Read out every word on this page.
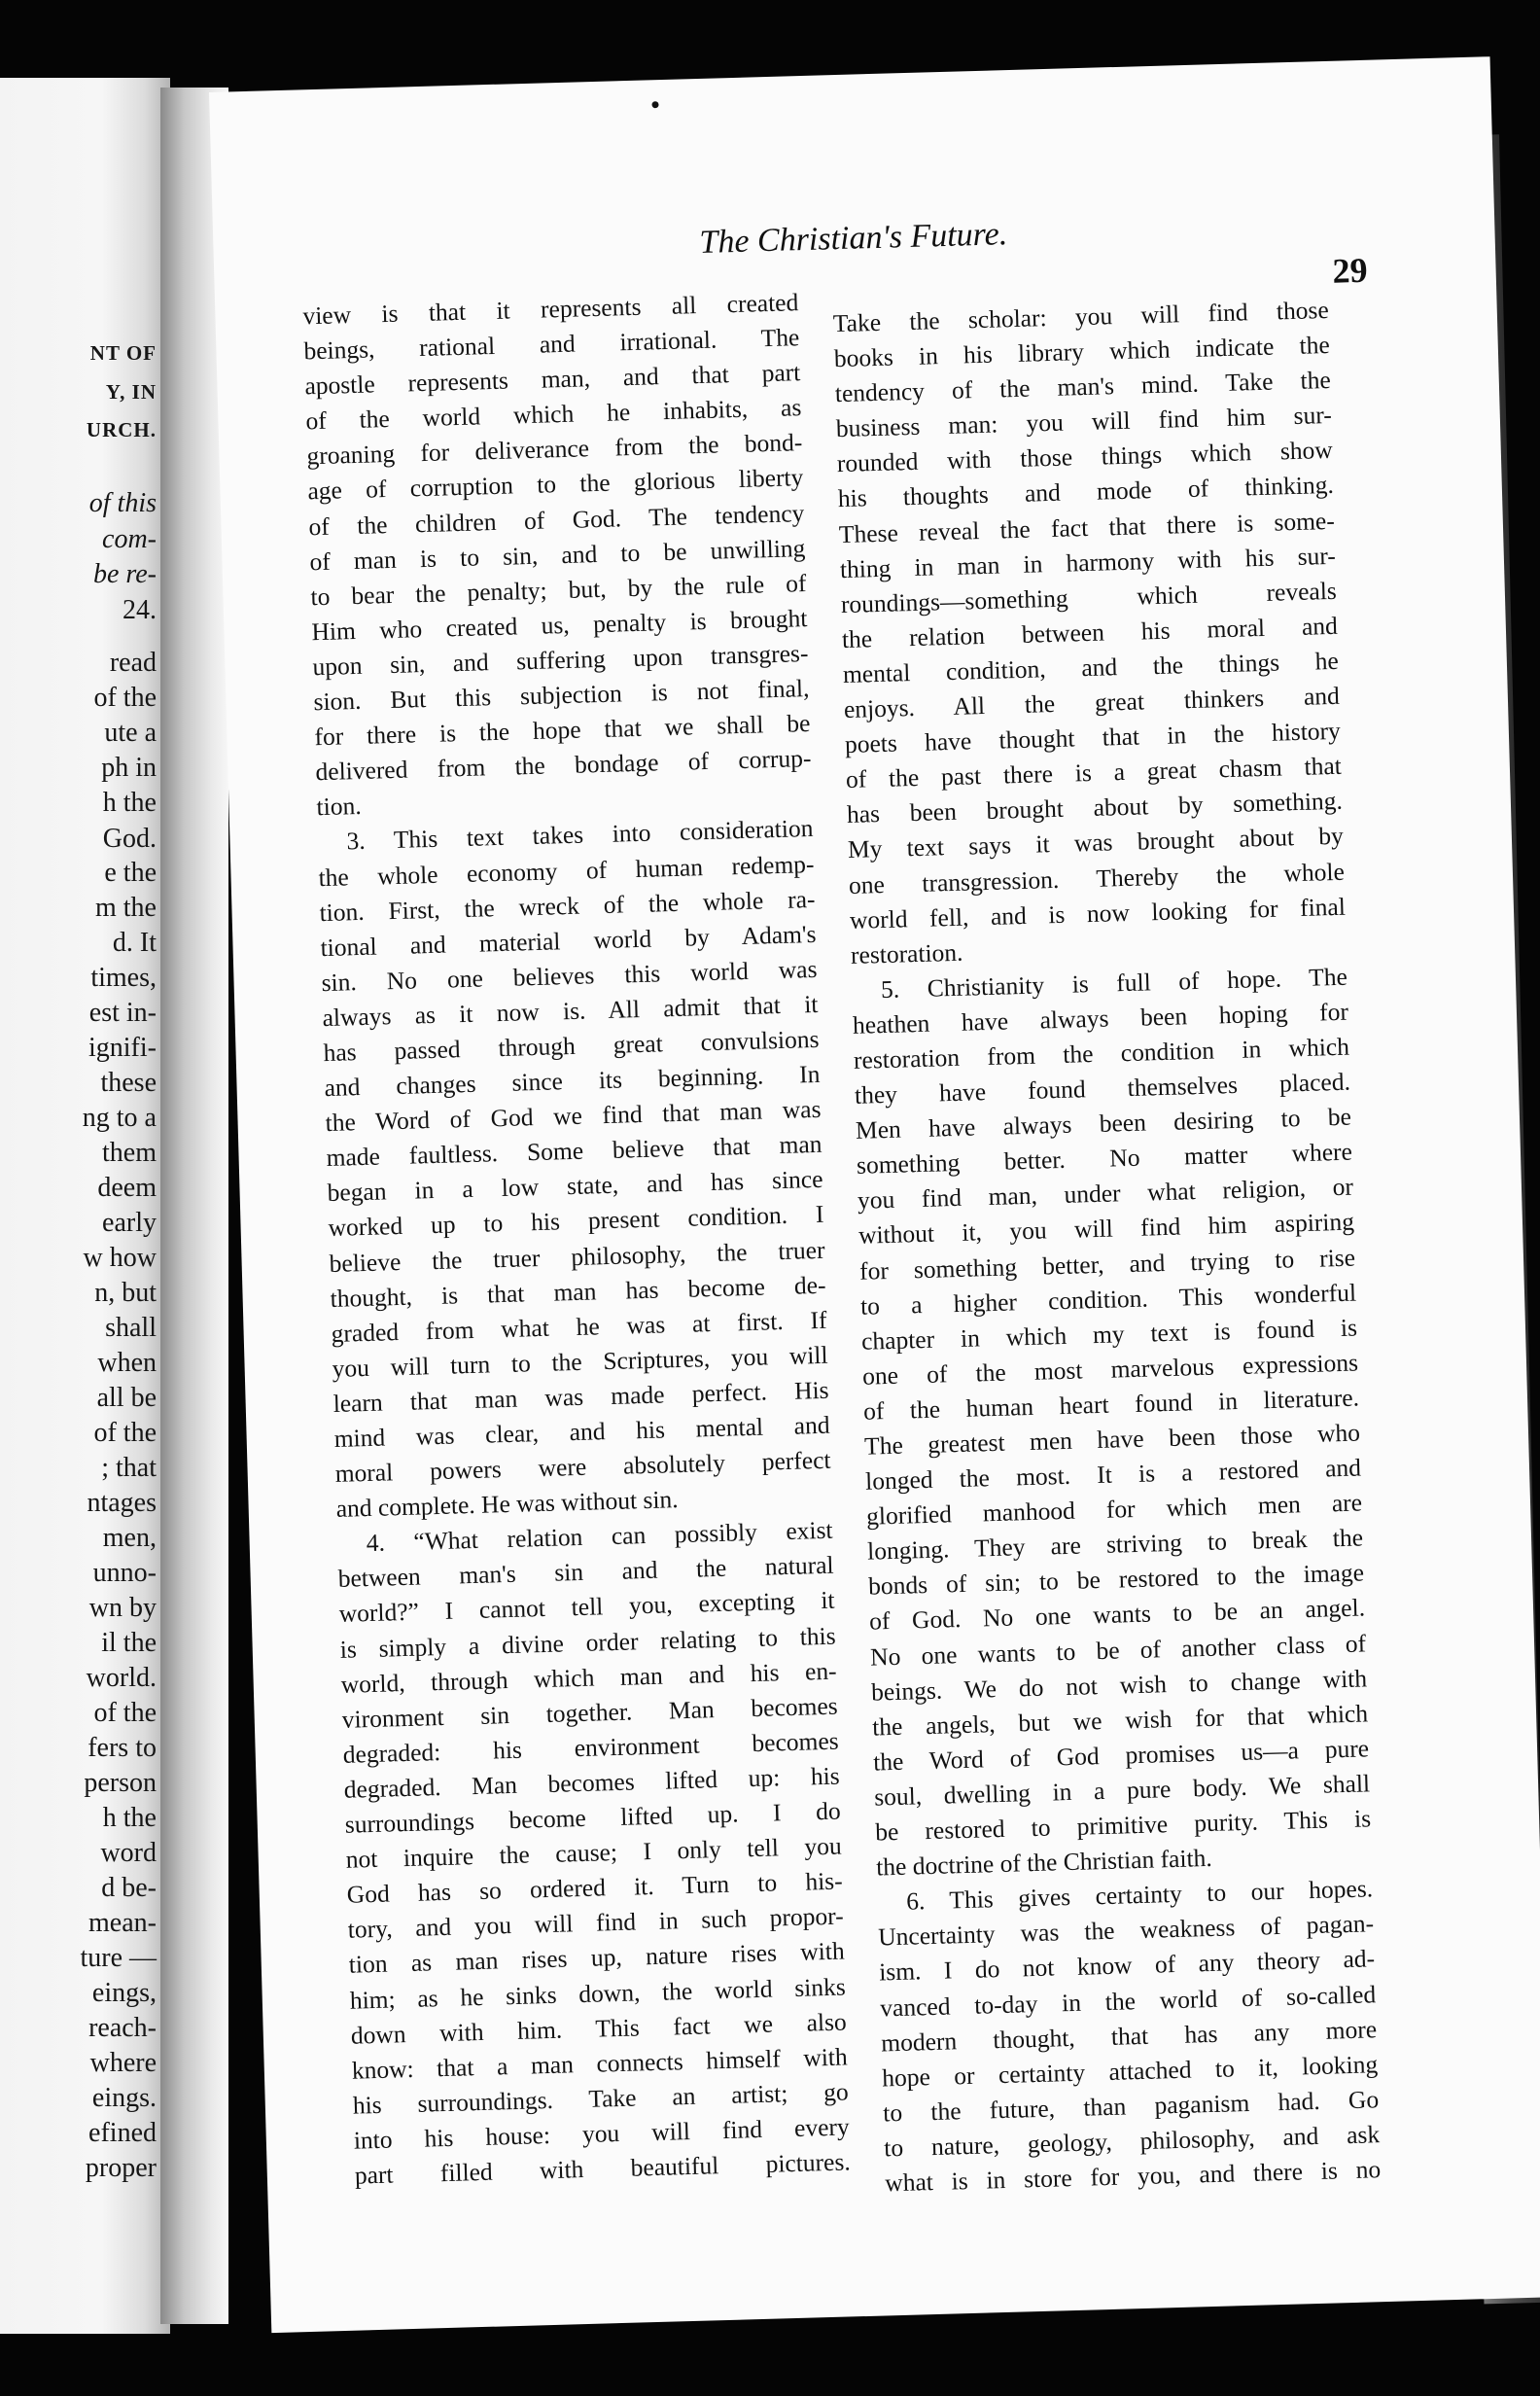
NT OF
Y, IN
URCH.
of this
com-
be re-
24.
read
of the
ute a
ph in
h the
God.
e the
m the
d. It
times,
est in-
ignifi-
these
ng to a
them
deem
early
w how
n, but
shall
when
all be
of the
; that
ntages
men,
unno-
wn by
il the
world.
of the
fers to
person
h the
word
d be-
mean-
ture —
eings,
reach-
where
eings.
efined
proper
The Christian's Future.
29
view is that it represents all created
beings, rational and irrational. The
apostle represents man, and that part
of the world which he inhabits, as
groaning for deliverance from the bond-
age of corruption to the glorious liberty
of the children of God. The tendency
of man is to sin, and to be unwilling
to bear the penalty; but, by the rule of
Him who created us, penalty is brought
upon sin, and suffering upon transgres-
sion. But this subjection is not final,
for there is the hope that we shall be
delivered from the bondage of corrup-
tion.
3. This text takes into consideration
the whole economy of human redemp-
tion. First, the wreck of the whole ra-
tional and material world by Adam's
sin. No one believes this world was
always as it now is. All admit that it
has passed through great convulsions
and changes since its beginning. In
the Word of God we find that man was
made faultless. Some believe that man
began in a low state, and has since
worked up to his present condition. I
believe the truer philosophy, the truer
thought, is that man has become de-
graded from what he was at first. If
you will turn to the Scriptures, you will
learn that man was made perfect. His
mind was clear, and his mental and
moral powers were absolutely perfect
and complete. He was without sin.
4. “What relation can possibly exist
between man's sin and the natural
world?” I cannot tell you, excepting it
is simply a divine order relating to this
world, through which man and his en-
vironment sin together. Man becomes
degraded: his environment becomes
degraded. Man becomes lifted up: his
surroundings become lifted up. I do
not inquire the cause; I only tell you
God has so ordered it. Turn to his-
tory, and you will find in such propor-
tion as man rises up, nature rises with
him; as he sinks down, the world sinks
down with him. This fact we also
know: that a man connects himself with
his surroundings. Take an artist; go
into his house: you will find every
part filled with beautiful pictures.
Take the scholar: you will find those
books in his library which indicate the
tendency of the man's mind. Take the
business man: you will find him sur-
rounded with those things which show
his thoughts and mode of thinking.
These reveal the fact that there is some-
thing in man in harmony with his sur-
roundings—something which reveals
the relation between his moral and
mental condition, and the things he
enjoys. All the great thinkers and
poets have thought that in the history
of the past there is a great chasm that
has been brought about by something.
My text says it was brought about by
one transgression. Thereby the whole
world fell, and is now looking for final
restoration.
5. Christianity is full of hope. The
heathen have always been hoping for
restoration from the condition in which
they have found themselves placed.
Men have always been desiring to be
something better. No matter where
you find man, under what religion, or
without it, you will find him aspiring
for something better, and trying to rise
to a higher condition. This wonderful
chapter in which my text is found is
one of the most marvelous expressions
of the human heart found in literature.
The greatest men have been those who
longed the most. It is a restored and
glorified manhood for which men are
longing. They are striving to break the
bonds of sin; to be restored to the image
of God. No one wants to be an angel.
No one wants to be of another class of
beings. We do not wish to change with
the angels, but we wish for that which
the Word of God promises us—a pure
soul, dwelling in a pure body. We shall
be restored to primitive purity. This is
the doctrine of the Christian faith.
6. This gives certainty to our hopes.
Uncertainty was the weakness of pagan-
ism. I do not know of any theory ad-
vanced to-day in the world of so-called
modern thought, that has any more
hope or certainty attached to it, looking
to the future, than paganism had. Go
to nature, geology, philosophy, and ask
what is in store for you, and there is no
